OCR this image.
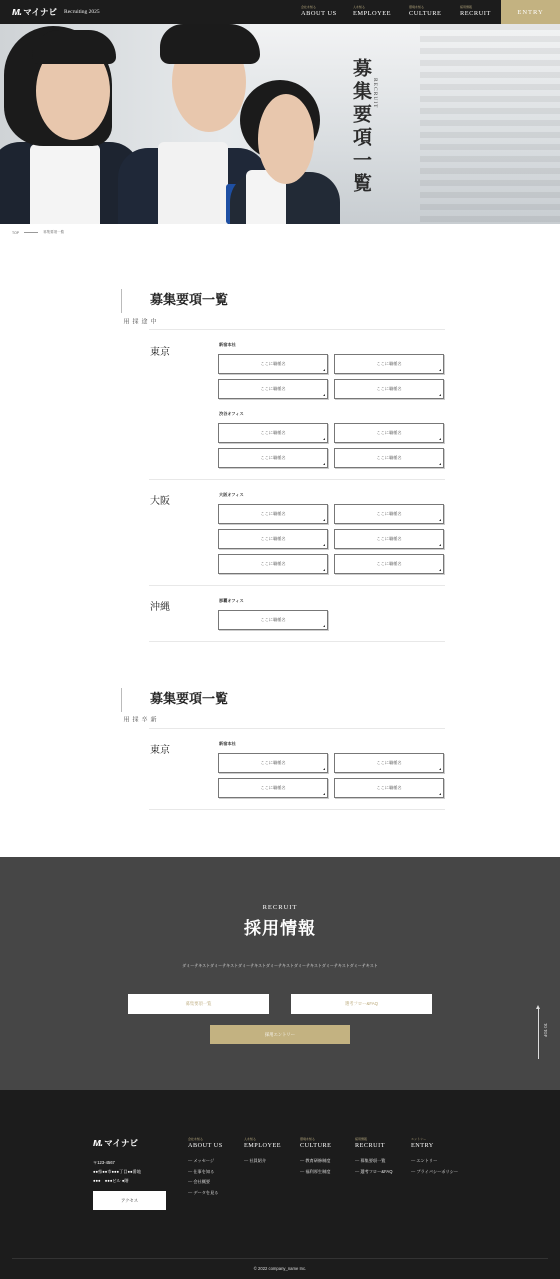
ᴍ. マイナビ Recruiting 2025
会社を知る
ABOUT US
人を知る
EMPLOYEE
環境を知る
CULTURE
採用情報
RECRUIT	ENTRY
募集要項一覧 RECRUIT
TOP	募集要項一覧
中途採用
募集要項一覧
東京
新宿本社
ここに職種名	ここに職種名
ここに職種名	ここに職種名
渋谷オフィス
ここに職種名	ここに職種名
ここに職種名	ここに職種名
大阪
大阪オフィス
ここに職種名	ここに職種名
ここに職種名	ここに職種名
ここに職種名	ここに職種名
沖縄
那覇オフィス
ここに職種名
新卒採用
募集要項一覧
東京
新宿本社
ここに職種名	ここに職種名
ここに職種名	ここに職種名
RECRUIT
採用情報
ダミーテキストダミーテキストダミーテキストダミーテキストダミーテキストダミーテキストダミーテキスト
募集要項一覧	選考フロー&FAQ
採用エントリー	TO TOP
ᴍ. マイナビ
〒123-4567
●●県●●市●●●丁目●●番地
●●●　●●●ビル ●階
アクセス
会社を知る
ABOUT US
— メッセージ
— 仕事を知る
— 会社概要
— データを見る
人を知る
EMPLOYEE
— 社員紹介
環境を知る
CULTURE
— 教育研修制度
— 福利厚生制度
採用情報
RECRUIT
— 募集要項一覧
— 選考フロー&FAQ
エントリー
ENTRY
— エントリー
— プライバシーポリシー
© 2022 company_name Inc.
